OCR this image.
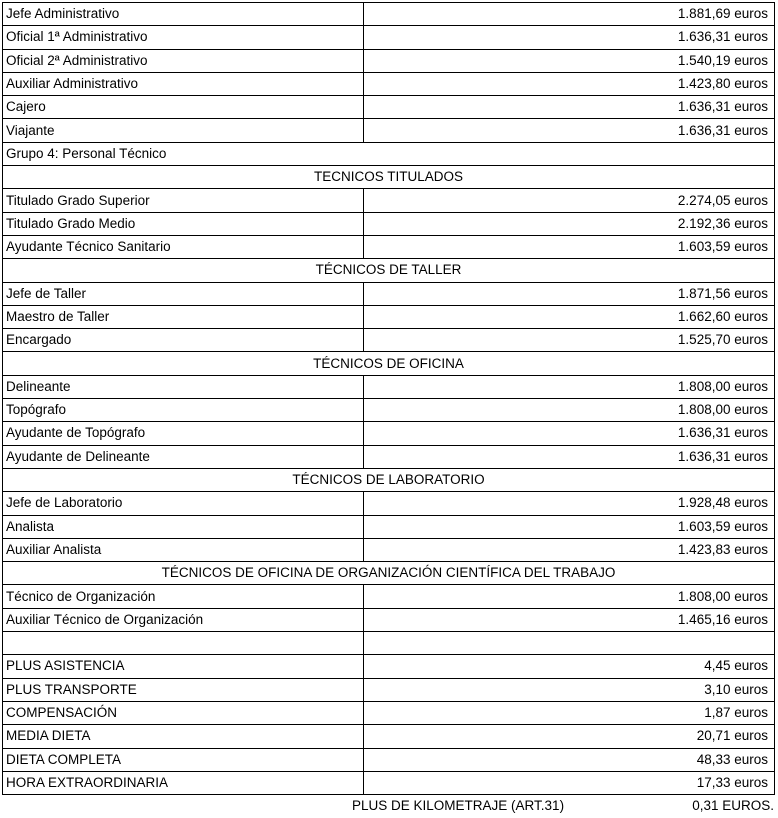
Jefe Administrativo	1.881,69 euros
Oficial 1ª Administrativo	1.636,31 euros
Oficial 2ª Administrativo	1.540,19 euros
Auxiliar Administrativo	1.423,80 euros
Cajero	1.636,31 euros
Viajante	1.636,31 euros
Grupo 4: Personal Técnico	
TECNICOS TITULADOS	
Titulado Grado Superior	2.274,05 euros
Titulado Grado Medio	2.192,36 euros
Ayudante Técnico Sanitario	1.603,59 euros
TÉCNICOS DE TALLER	
Jefe de Taller	1.871,56 euros
Maestro de Taller	1.662,60 euros
Encargado	1.525,70 euros
TÉCNICOS DE OFICINA	
Delineante	1.808,00 euros
Topógrafo	1.808,00 euros
Ayudante de Topógrafo	1.636,31 euros
Ayudante de Delineante	1.636,31 euros
TÉCNICOS DE LABORATORIO	
Jefe de Laboratorio	1.928,48 euros
Analista	1.603,59 euros
Auxiliar Analista	1.423,83 euros
TÉCNICOS DE OFICINA DE ORGANIZACIÓN CIENTÍFICA DEL TRABAJO	
Técnico de Organización	1.808,00 euros
Auxiliar Técnico de Organización	1.465,16 euros

PLUS ASISTENCIA	4,45 euros
PLUS TRANSPORTE	3,10 euros
COMPENSACIÓN	1,87 euros
MEDIA DIETA	20,71 euros
DIETA COMPLETA	48,33 euros
HORA EXTRAORDINARIA	17,33 euros
PLUS DE KILOMETRAJE (ART.31)	0,31 EUROS.
